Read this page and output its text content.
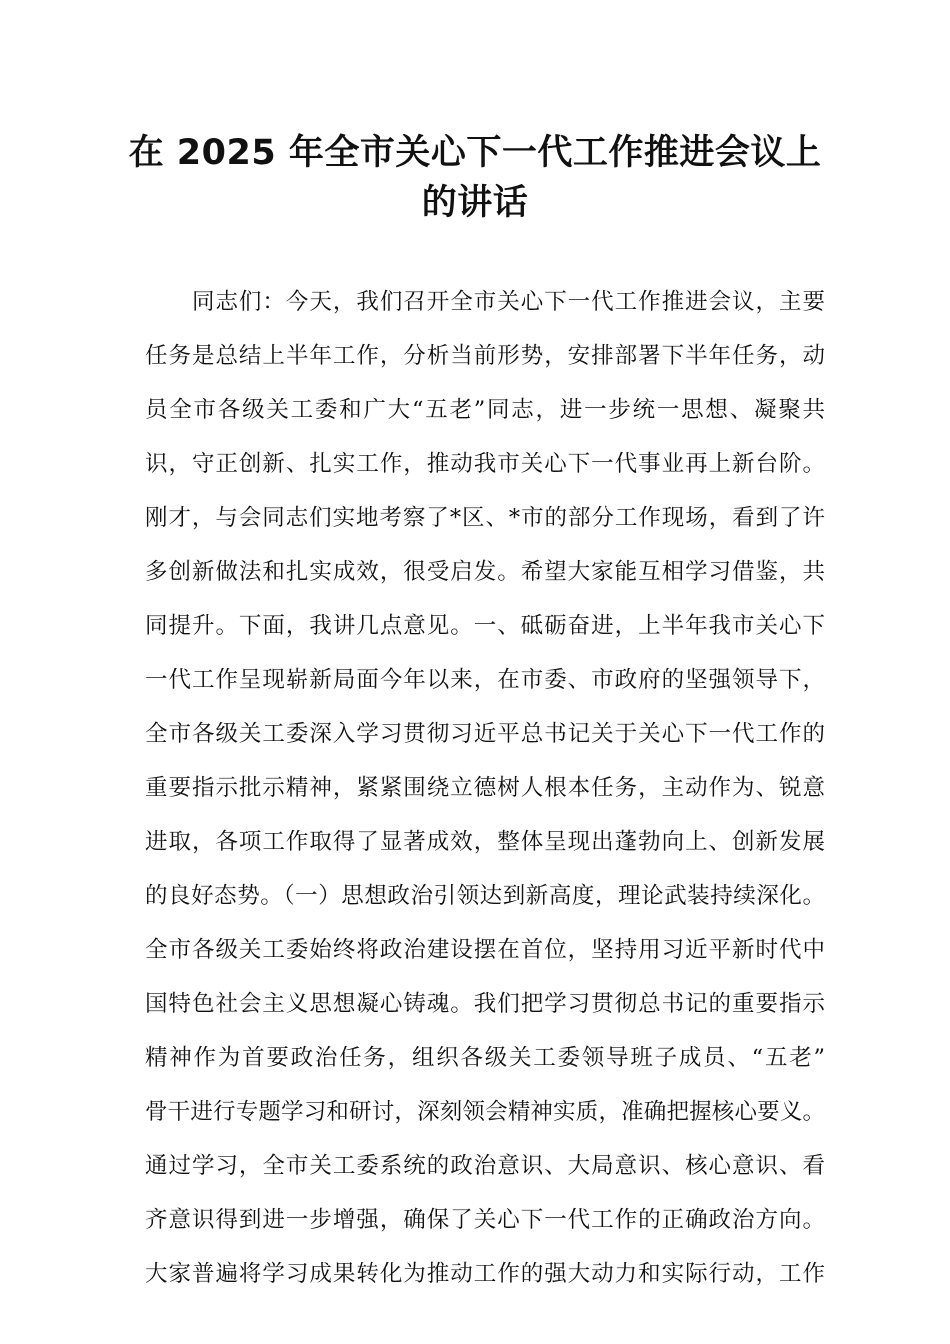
在 2025 年全市关心下一代工作推进会议上
的讲话
　　同志们：今天，我们召开全市关心下一代工作推进会议，主要
任务是总结上半年工作，分析当前形势，安排部署下半年任务，动
员全市各级关工委和广大“五老”同志，进一步统一思想、凝聚共
识，守正创新、扎实工作，推动我市关心下一代事业再上新台阶。
刚才，与会同志们实地考察了*区、*市的部分工作现场，看到了许
多创新做法和扎实成效，很受启发。希望大家能互相学习借鉴，共
同提升。下面，我讲几点意见。一、砥砺奋进，上半年我市关心下
一代工作呈现崭新局面今年以来，在市委、市政府的坚强领导下，
全市各级关工委深入学习贯彻习近平总书记关于关心下一代工作的
重要指示批示精神，紧紧围绕立德树人根本任务，主动作为、锐意
进取，各项工作取得了显著成效，整体呈现出蓬勃向上、创新发展
的良好态势。（一）思想政治引领达到新高度，理论武装持续深化。
全市各级关工委始终将政治建设摆在首位，坚持用习近平新时代中
国特色社会主义思想凝心铸魂。我们把学习贯彻总书记的重要指示
精神作为首要政治任务，组织各级关工委领导班子成员、“五老”
骨干进行专题学习和研讨，深刻领会精神实质，准确把握核心要义。
通过学习，全市关工委系统的政治意识、大局意识、核心意识、看
齐意识得到进一步增强，确保了关心下一代工作的正确政治方向。
大家普遍将学习成果转化为推动工作的强大动力和实际行动，工作
